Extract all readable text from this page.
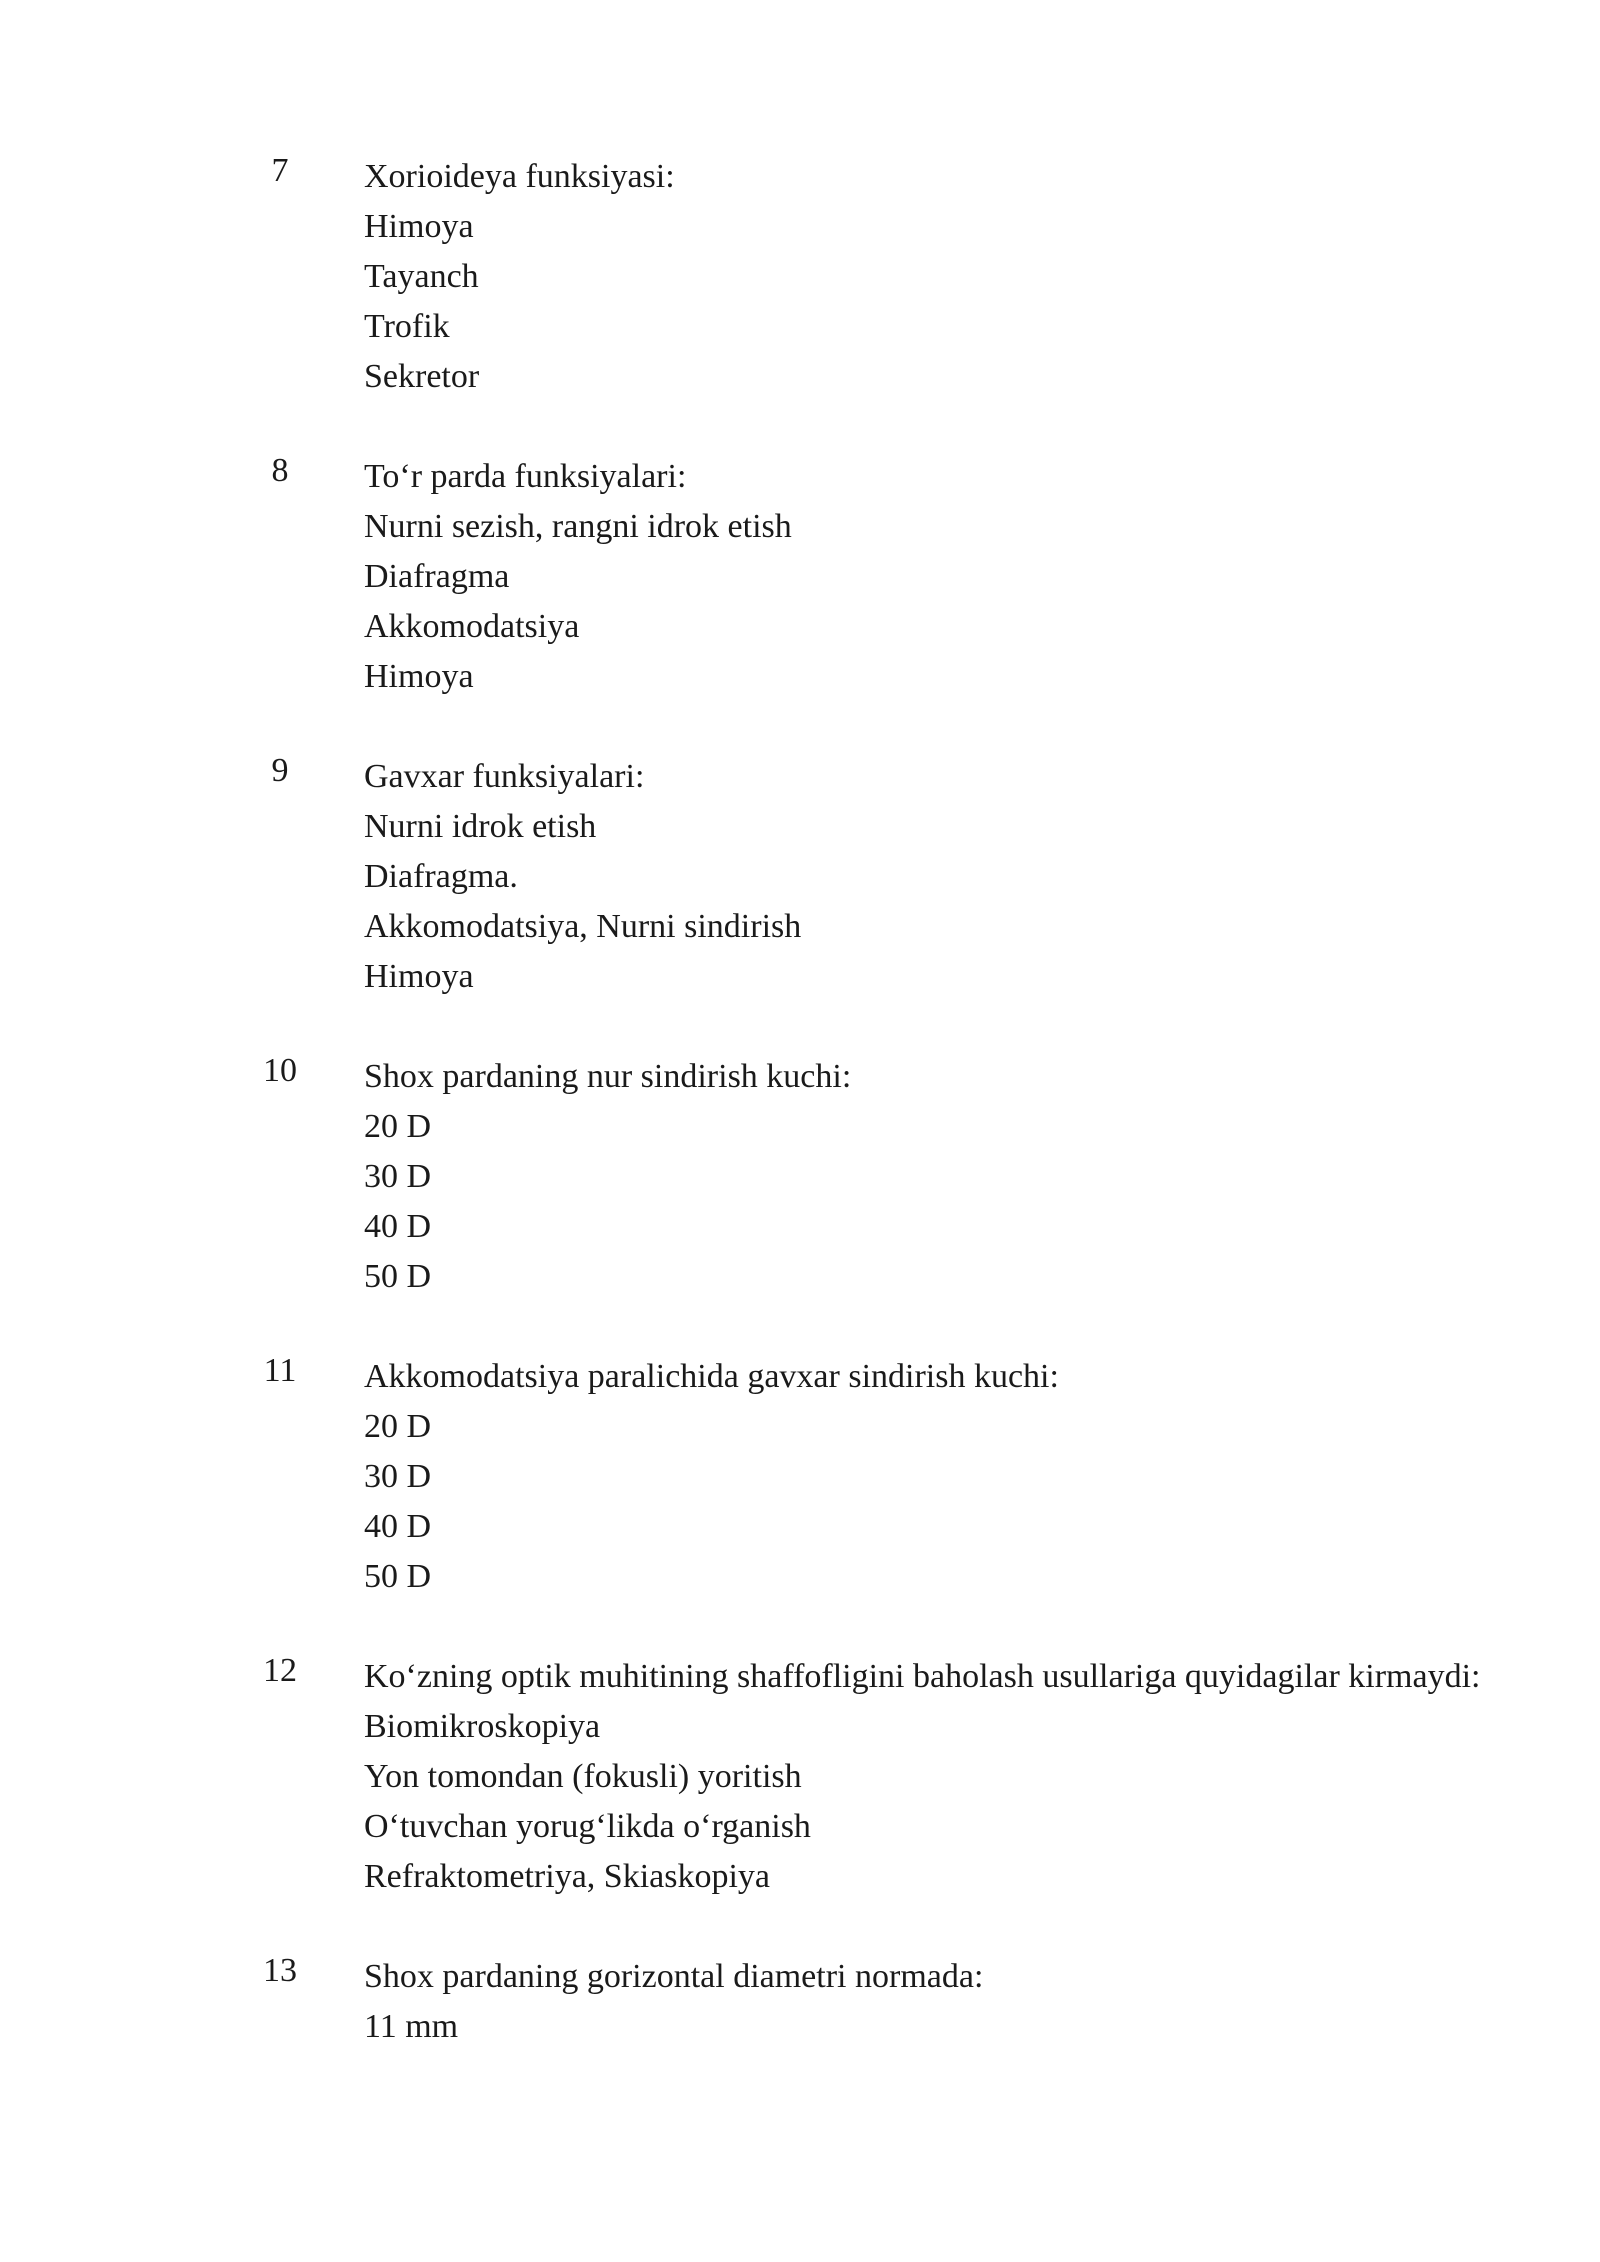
7	Xorioideya funksiyasi:
Himoya
Tayanch
Trofik
Sekretor
8	To‘r parda funksiyalari:
Nurni sezish, rangni idrok etish
Diafragma
Akkomodatsiya
Himoya
9	Gavxar funksiyalari:
Nurni idrok etish
Diafragma.
Akkomodatsiya, Nurni sindirish
Himoya
10	Shox pardaning nur sindirish kuchi:
20 D
30 D
40 D
50 D
11	Akkomodatsiya paralichida gavxar sindirish kuchi:
20 D
30 D
40 D
50 D
12	Ko‘zning optik muhitining shaffofligini baholash usullariga quyidagilar kirmaydi:
Biomikroskopiya
Yon tomondan (fokusli) yoritish
O‘tuvchan yorug‘likda o‘rganish
Refraktometriya, Skiaskopiya
13	Shox pardaning gorizontal diametri normada:
11 mm
